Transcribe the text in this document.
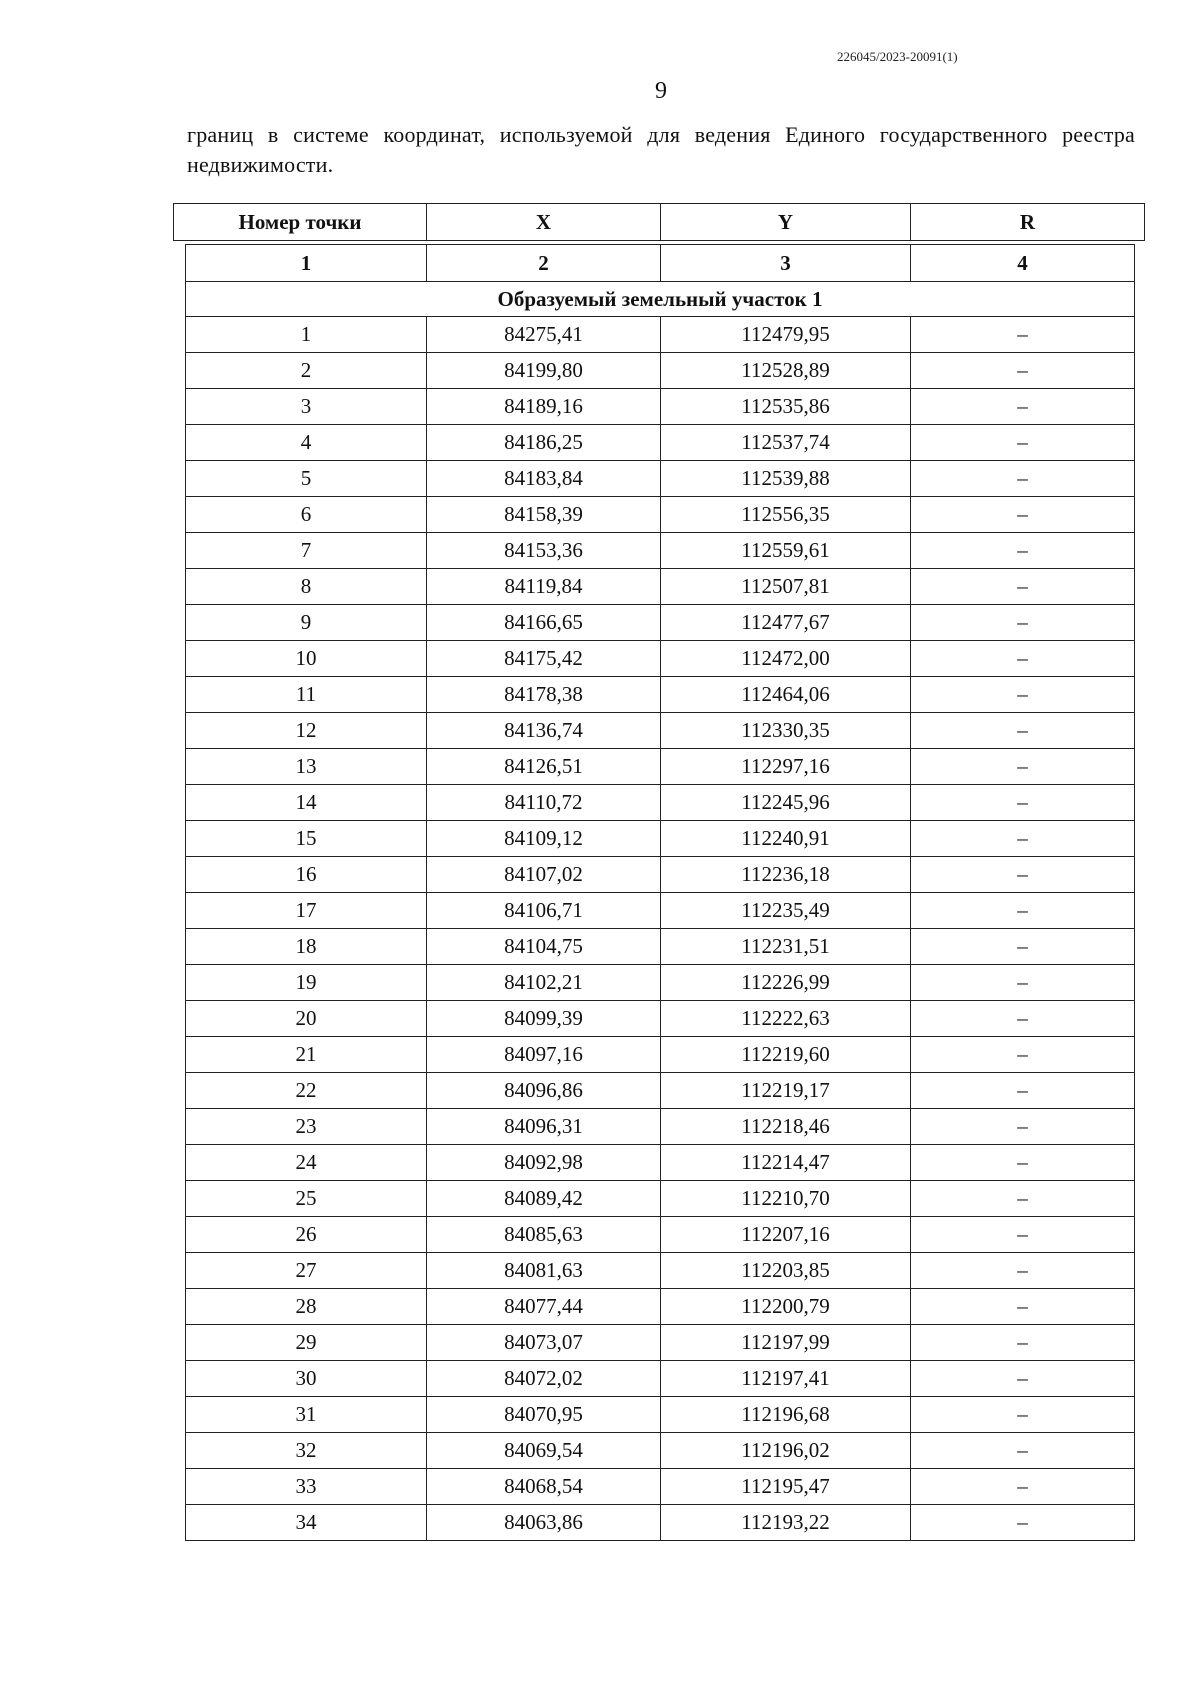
226045/2023-20091(1)
9
границ в системе координат, используемой для ведения Единого государственного реестра недвижимости.
Номер точки	X	Y	R
1	2	3	4
Образуемый земельный участок 1			
1	84275,41	112479,95	–
2	84199,80	112528,89	–
3	84189,16	112535,86	–
4	84186,25	112537,74	–
5	84183,84	112539,88	–
6	84158,39	112556,35	–
7	84153,36	112559,61	–
8	84119,84	112507,81	–
9	84166,65	112477,67	–
10	84175,42	112472,00	–
11	84178,38	112464,06	–
12	84136,74	112330,35	–
13	84126,51	112297,16	–
14	84110,72	112245,96	–
15	84109,12	112240,91	–
16	84107,02	112236,18	–
17	84106,71	112235,49	–
18	84104,75	112231,51	–
19	84102,21	112226,99	–
20	84099,39	112222,63	–
21	84097,16	112219,60	–
22	84096,86	112219,17	–
23	84096,31	112218,46	–
24	84092,98	112214,47	–
25	84089,42	112210,70	–
26	84085,63	112207,16	–
27	84081,63	112203,85	–
28	84077,44	112200,79	–
29	84073,07	112197,99	–
30	84072,02	112197,41	–
31	84070,95	112196,68	–
32	84069,54	112196,02	–
33	84068,54	112195,47	–
34	84063,86	112193,22	–
